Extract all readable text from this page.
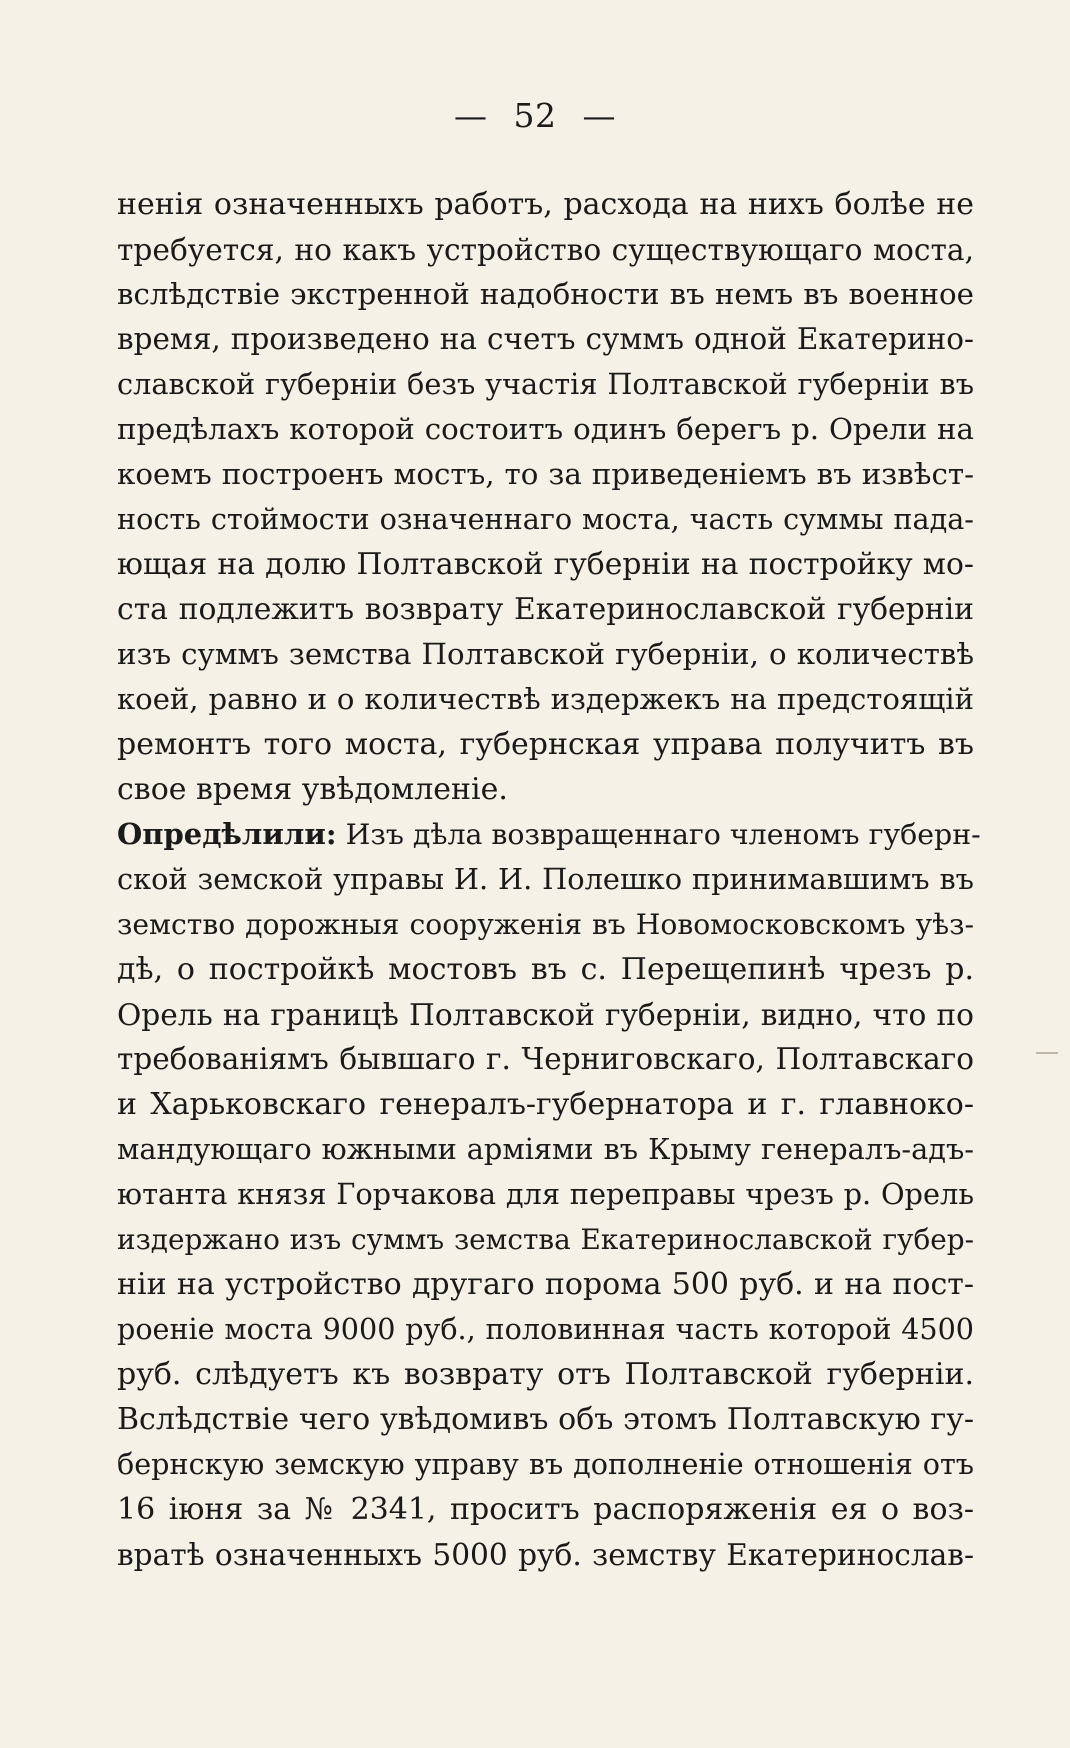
— 52 —
ненія означенныхъ работъ, расхода на нихъ болѣе не
требуется, но какъ устройство существующаго моста,
вслѣдствіе экстренной надобности въ немъ въ военное
время, произведено на счетъ суммъ одной Екатерино-
славской губерніи безъ участія Полтавской губерніи въ
предѣлахъ которой состоитъ одинъ берегъ р. Орели на
коемъ построенъ мостъ, то за приведеніемъ въ извѣст-
ность стоймости означеннаго моста, часть суммы пада-
ющая на долю Полтавской губерніи на постройку мо-
ста подлежитъ возврату Екатеринославской губерніи
изъ суммъ земства Полтавской губерніи, о количествѣ
коей, равно и о количествѣ издержекъ на предстоящій
ремонтъ того моста, губернская управа получитъ въ
свое время увѣдомленіе.
Опредѣлили: Изъ дѣла возвращеннаго членомъ губерн-
ской земской управы И. И. Полешко принимавшимъ въ
земство дорожныя сооруженія въ Новомосковскомъ уѣз-
дѣ, о постройкѣ мостовъ въ с. Перещепинѣ чрезъ р.
Орель на границѣ Полтавской губерніи, видно, что по
требованіямъ бывшаго г. Черниговскаго, Полтавскаго
и Харьковскаго генералъ-губернатора и г. главноко-
мандующаго южными арміями въ Крыму генералъ-адъ-
ютанта князя Горчакова для переправы чрезъ р. Орель
издержано изъ суммъ земства Екатеринославской губер-
ніи на устройство другаго порома 500 руб. и на пост-
роеніе моста 9000 руб., половинная часть которой 4500
руб. слѣдуетъ къ возврату отъ Полтавской губерніи.
Вслѣдствіе чего увѣдомивъ объ этомъ Полтавскую гу-
бернскую земскую управу въ дополненіе отношенія отъ
16 іюня за № 2341, проситъ распоряженія ея о воз-
вратѣ означенныхъ 5000 руб. земству Екатеринослав-
